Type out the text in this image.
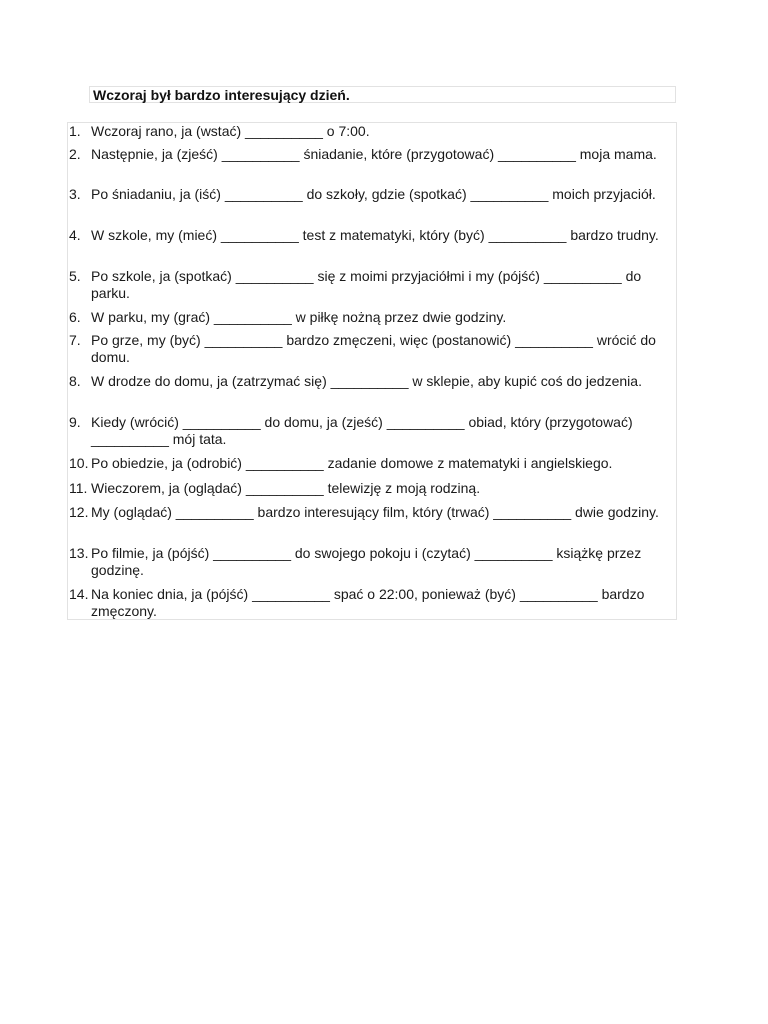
Wczoraj był bardzo interesujący dzień.
1. Wczoraj rano, ja (wstać) __________ o 7:00.
2. Następnie, ja (zjeść) __________ śniadanie, które (przygotować) __________ moja mama.
3. Po śniadaniu, ja (iść) __________ do szkoły, gdzie (spotkać) __________ moich przyjaciół.
4. W szkole, my (mieć) __________ test z matematyki, który (być) __________ bardzo trudny.
5. Po szkole, ja (spotkać) __________ się z moimi przyjaciółmi i my (pójść) __________ do parku.
6. W parku, my (grać) __________ w piłkę nożną przez dwie godziny.
7. Po grze, my (być) __________ bardzo zmęczeni, więc (postanowić) __________ wrócić do domu.
8. W drodze do domu, ja (zatrzymać się) __________ w sklepie, aby kupić coś do jedzenia.
9. Kiedy (wrócić) __________ do domu, ja (zjeść) __________ obiad, który (przygotować) __________ mój tata.
10. Po obiedzie, ja (odrobić) __________ zadanie domowe z matematyki i angielskiego.
11. Wieczorem, ja (oglądać) __________ telewizję z moją rodziną.
12. My (oglądać) __________ bardzo interesujący film, który (trwać) __________ dwie godziny.
13. Po filmie, ja (pójść) __________ do swojego pokoju i (czytać) __________ książkę przez godzinę.
14. Na koniec dnia, ja (pójść) __________ spać o 22:00, ponieważ (być) __________ bardzo zmęczony.
